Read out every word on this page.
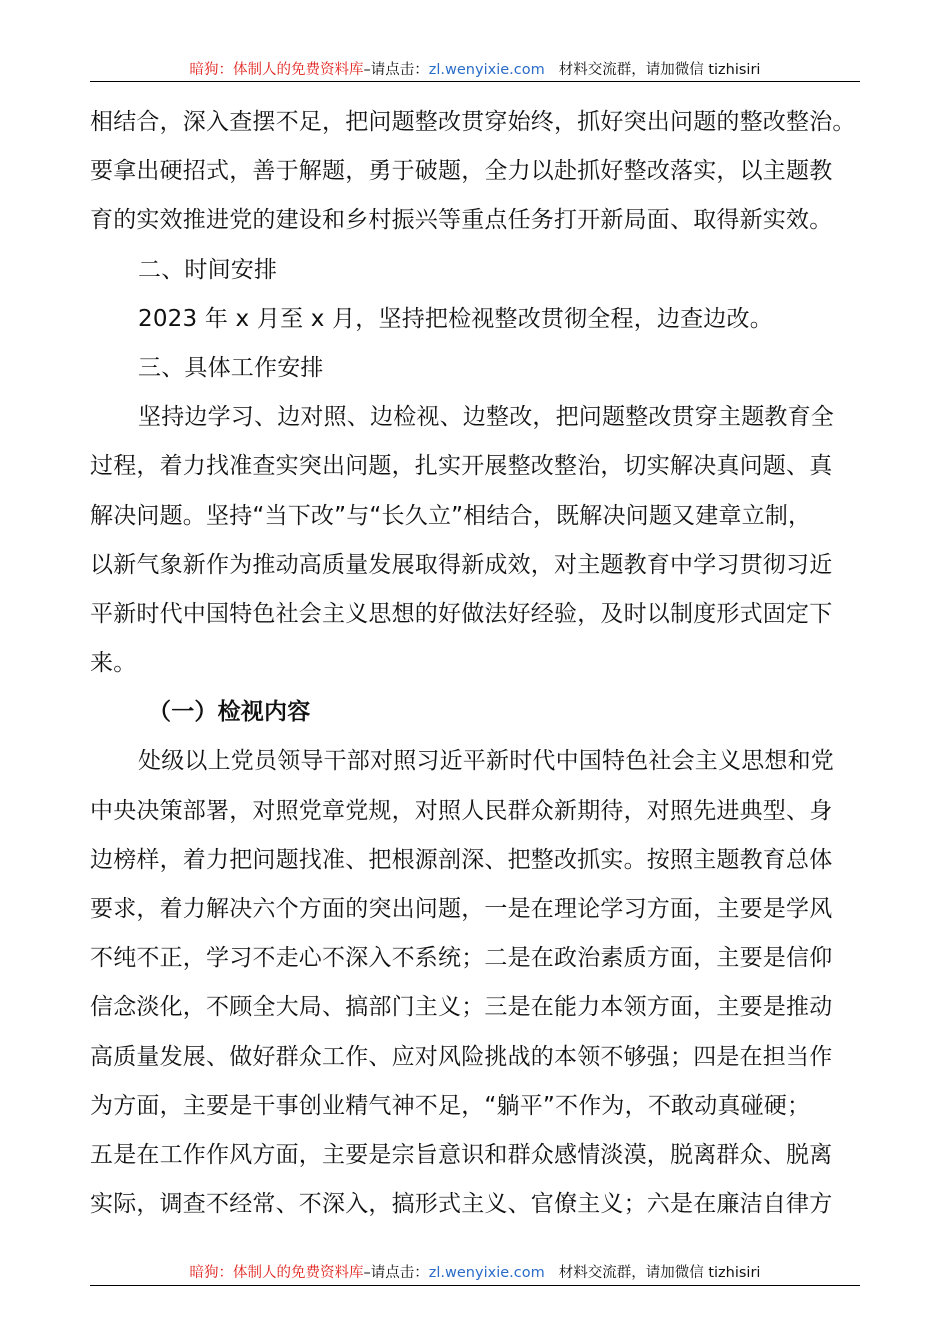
暗狗：体制人的免费资料库–请点击：zl.wenyixie.com 材料交流群，请加微信 tizhisiri
相结合，深入查摆不足，把问题整改贯穿始终，抓好突出问题的整改整治。
要拿出硬招式，善于解题，勇于破题，全力以赴抓好整改落实，以主题教
育的实效推进党的建设和乡村振兴等重点任务打开新局面、取得新实效。
二、时间安排
2023 年 x 月至 x 月，坚持把检视整改贯彻全程，边查边改。
三、具体工作安排
坚持边学习、边对照、边检视、边整改，把问题整改贯穿主题教育全
过程，着力找准查实突出问题，扎实开展整改整治，切实解决真问题、真
解决问题。坚持“当下改”与“长久立”相结合，既解决问题又建章立制，
以新气象新作为推动高质量发展取得新成效，对主题教育中学习贯彻习近
平新时代中国特色社会主义思想的好做法好经验，及时以制度形式固定下
来。
（一）检视内容
处级以上党员领导干部对照习近平新时代中国特色社会主义思想和党
中央决策部署，对照党章党规，对照人民群众新期待，对照先进典型、身
边榜样，着力把问题找准、把根源剖深、把整改抓实。按照主题教育总体
要求，着力解决六个方面的突出问题，一是在理论学习方面，主要是学风
不纯不正，学习不走心不深入不系统；二是在政治素质方面，主要是信仰
信念淡化，不顾全大局、搞部门主义；三是在能力本领方面，主要是推动
高质量发展、做好群众工作、应对风险挑战的本领不够强；四是在担当作
为方面，主要是干事创业精气神不足，“躺平”不作为，不敢动真碰硬；
五是在工作作风方面，主要是宗旨意识和群众感情淡漠，脱离群众、脱离
实际，调查不经常、不深入，搞形式主义、官僚主义；六是在廉洁自律方
暗狗：体制人的免费资料库–请点击：zl.wenyixie.com 材料交流群，请加微信 tizhisiri
